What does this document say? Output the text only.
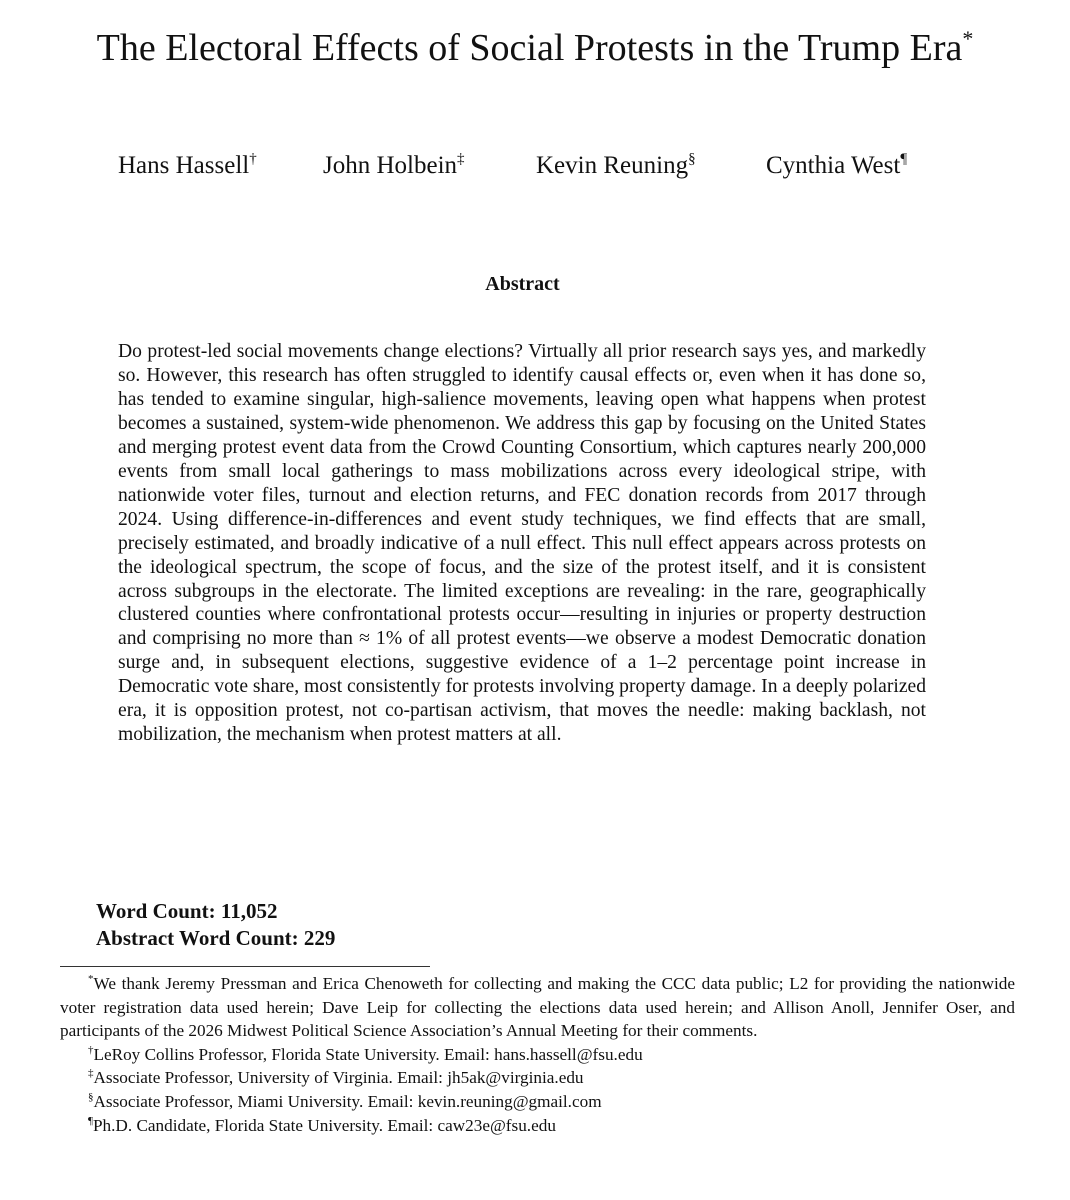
The Electoral Effects of Social Protests in the Trump Era*
Hans Hassell†	John Holbein‡	Kevin Reuning§	Cynthia West¶
Abstract
Do protest-led social movements change elections? Virtually all prior research says yes, and markedly so. However, this research has often struggled to identify causal effects or, even when it has done so, has tended to examine singular, high-salience movements, leaving open what happens when protest becomes a sustained, system-wide phenomenon. We address this gap by focusing on the United States and merging protest event data from the Crowd Counting Consortium, which captures nearly 200,000 events from small local gatherings to mass mobilizations across every ideological stripe, with nationwide voter files, turnout and election returns, and FEC donation records from 2017 through 2024. Using difference-in-differences and event study techniques, we find effects that are small, precisely estimated, and broadly indicative of a null effect. This null effect appears across protests on the ideological spectrum, the scope of focus, and the size of the protest itself, and it is consistent across subgroups in the electorate. The limited exceptions are revealing: in the rare, geographically clustered counties where confrontational protests occur—resulting in injuries or property destruction and comprising no more than ≈ 1% of all protest events—we observe a modest Democratic donation surge and, in subsequent elections, suggestive evidence of a 1–2 percentage point increase in Democratic vote share, most consistently for protests involving property damage. In a deeply polarized era, it is opposition protest, not co-partisan activism, that moves the needle: making backlash, not mobilization, the mechanism when protest matters at all.
Word Count: 11,052
Abstract Word Count: 229
*We thank Jeremy Pressman and Erica Chenoweth for collecting and making the CCC data public; L2 for providing the nationwide voter registration data used herein; Dave Leip for collecting the elections data used herein; and Allison Anoll, Jennifer Oser, and participants of the 2026 Midwest Political Science Association’s Annual Meeting for their comments.
†LeRoy Collins Professor, Florida State University. Email: hans.hassell@fsu.edu
‡Associate Professor, University of Virginia. Email: jh5ak@virginia.edu
§Associate Professor, Miami University. Email: kevin.reuning@gmail.com
¶Ph.D. Candidate, Florida State University. Email: caw23e@fsu.edu
